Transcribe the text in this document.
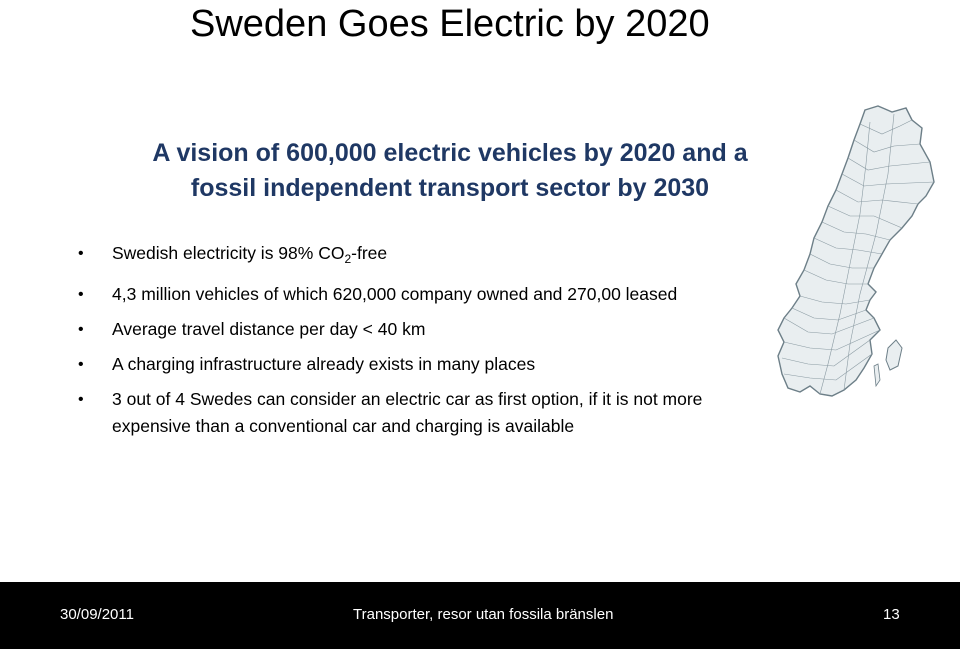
Sweden Goes Electric by 2020
A vision of 600,000 electric vehicles by 2020 and a
fossil independent transport sector by 2030
•	Swedish electricity is 98% $CO_2$-free
•	4,3 million vehicles of which 620,000 company owned and 270,00 leased
•	Average travel distance per day < 40 km
•	A charging infrastructure already exists in many places
•	3 out of 4 Swedes can consider an electric car as first option, if it is not more expensive than a conventional car and charging is available
30/09/2011	Transporter, resor utan fossila bränslen	13
